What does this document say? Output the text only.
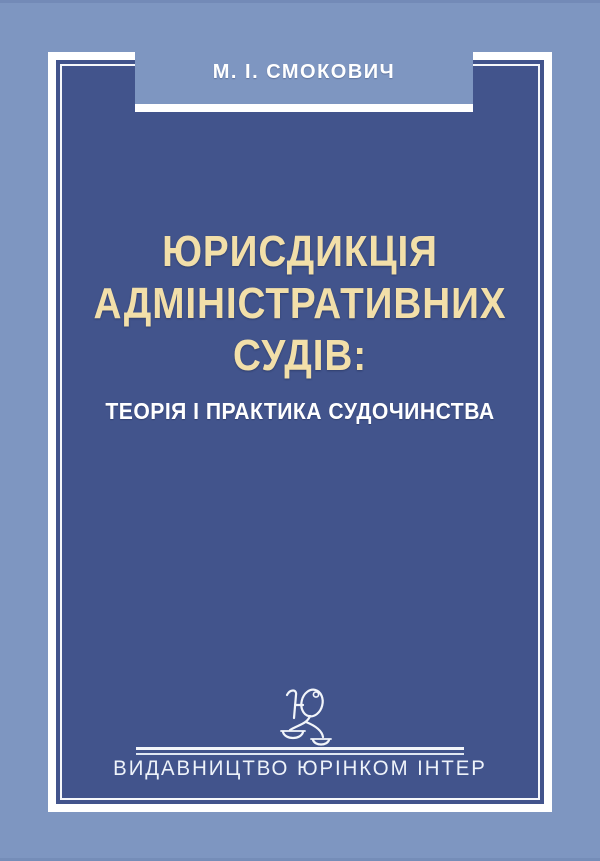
М. І. СМОКОВИЧ
ЮРИСДИКЦІЯ
АДМІНІСТРАТИВНИХ
СУДІВ:
ТЕОРІЯ І ПРАКТИКА СУДОЧИНСТВА
ВИДАВНИЦТВО ЮРІНКОМ ІНТЕР
